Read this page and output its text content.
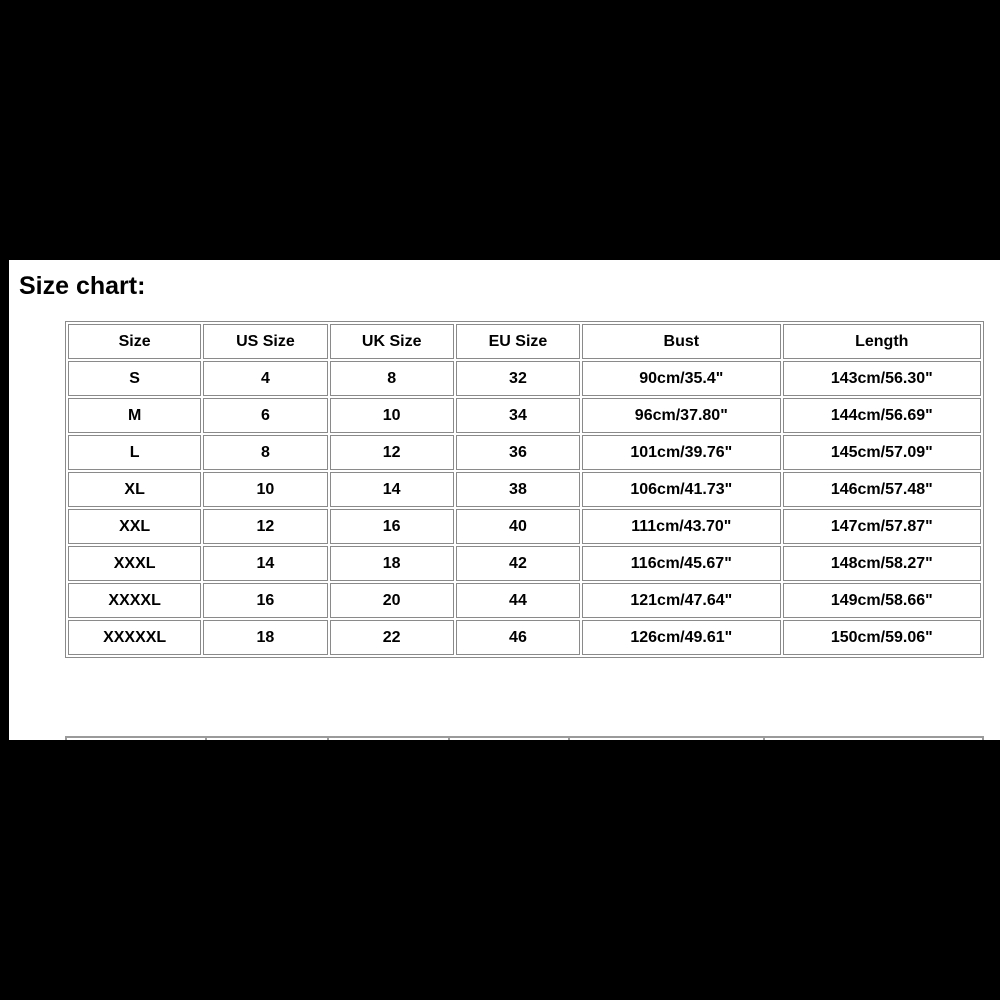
Size chart:
Size	US Size	UK Size	EU Size	Bust	Length
S	4	8	32	90cm/35.4"	143cm/56.30"
M	6	10	34	96cm/37.80"	144cm/56.69"
L	8	12	36	101cm/39.76"	145cm/57.09"
XL	10	14	38	106cm/41.73"	146cm/57.48"
XXL	12	16	40	111cm/43.70"	147cm/57.87"
XXXL	14	18	42	116cm/45.67"	148cm/58.27"
XXXXL	16	20	44	121cm/47.64"	149cm/58.66"
XXXXXL	18	22	46	126cm/49.61"	150cm/59.06"
